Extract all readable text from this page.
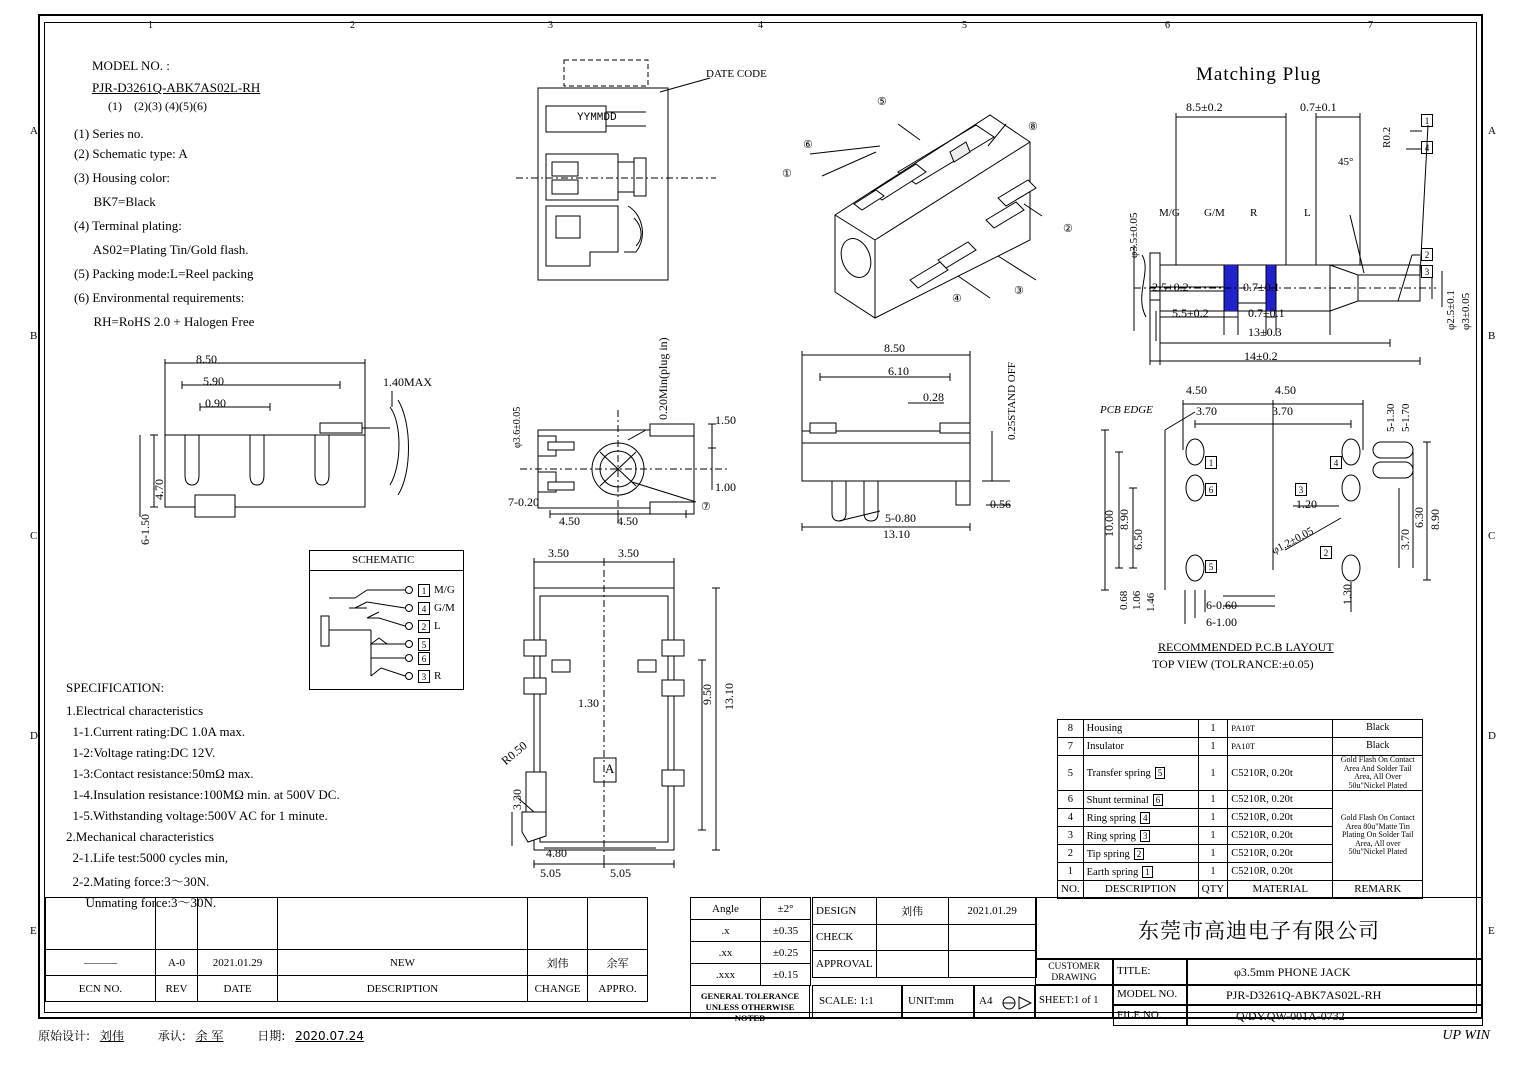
A
B
C
D
E
A
B
C
D
E
1	2	3	4	5	6	7
MODEL NO. :
PJR-D3261Q-ABK7AS02L-RH
(1)    (2)(3) (4)(5)(6)
(1) Series no.
(2) Schematic type: A
(3) Housing color:
BK7=Black
(4) Terminal plating:
AS02=Plating Tin/Gold flash.
(5) Packing mode:L=Reel packing
(6) Environmental requirements:
RH=RoHS 2.0 + Halogen Free
SPECIFICATION:
1.Electrical characteristics
1-1.Current rating:DC 1.0A max.
1-2:Voltage rating:DC 12V.
1-3:Contact resistance:50mΩ max.
1-4.Insulation resistance:100MΩ min. at 500V DC.
1-5.Withstanding voltage:500V AC for 1 minute.
2.Mechanical characteristics
2-1.Life test:5000 cycles min,
2-2.Mating force:3～30N.
Unmating force:3～30N.
8.50
5.90
0.90
1.40MAX
4.70
6-1.50
DATE CODE
YYMMDD
⑤
⑧
⑥
①
②
③
④
Matching Plug
8.5±0.2	0.7±0.1
R0.2
45°
2.5±0.2
5.5±0.2
0.7±0.1
0.7±0.1
13±0.3
14±0.2
φ3.5±0.05
φ2.5±0.1 φ3±0.05
M/G G/M R	L
1
4
2
3
φ3.6±0.05
0.20Min(plug in)	1.50
1.00
7-0.20
4.50	4.50
⑦
8.50
6.10
0.28	0.25STAND OFF
5-0.80
0.56
13.10
SCHEMATIC
1 M/G
4 G/M
2 L
5
6
3 R
3.50	3.50
1.30
R0.50
3.30
4.80
5.05	5.05
9.50 13.10
A
PCB EDGE
4.50	4.50
3.70	3.70	5-1.30 5-1.70
10.00 8.90
6.50
1.20
8.90
6.30
3.70
1.30
0.68 1.06 1.46	6-0.60
6-1.00
φ1.2±0.05
1
6
5
4
3
2
RECOMMENDED P.C.B LAYOUT
TOP VIEW (TOLRANCE:±0.05)
8	Housing	1	PA10T	Black
7	Insulator	1	PA10T	Black
5	Transfer spring 5	1	C5210R, 0.20t	Gold Flash On Contact Area And Solder Tail Area, All Over 50u"Nickel Plated
6	Shunt terminal 6	1	C5210R, 0.20t	Gold Flash On Contact Area 80u"Matte Tin Plating On Solder Tail Area, All over 50u"Nickel Plated
4	Ring spring 4	1	C5210R, 0.20t	
3	Ring spring 3	1	C5210R, 0.20t	
2	Tip spring 2	1	C5210R, 0.20t	
1	Earth spring 1	1	C5210R, 0.20t	
NO.	DESCRIPTION	QTY	MATERIAL	REMARK

———	A-0	2021.01.29	NEW	刘伟	余军
ECN NO.	REV	DATE	DESCRIPTION	CHANGE	APPRO.
Angle	±2°
.x	±0.35
.xx	±0.25
.xxx	±0.15
GENERAL TOLERANCE
UNLESS OTHERWISE NOTED
DESIGN	刘伟	2021.01.29
CHECK		
APPROVAL		
SCALE: 1:1	UNIT:mm	A4	SHEET:1 of 1
东莞市高迪电子有限公司
CUSTOMER
DRAWING
TITLE:	φ3.5mm PHONE JACK
MODEL NO.	PJR-D3261Q-ABK7AS02L-RH
FILE NO.	Q/DY.QW-001A-0732
原始设计: 刘伟	承认: 余 军	日期: 2020.07.24	UP WIN
